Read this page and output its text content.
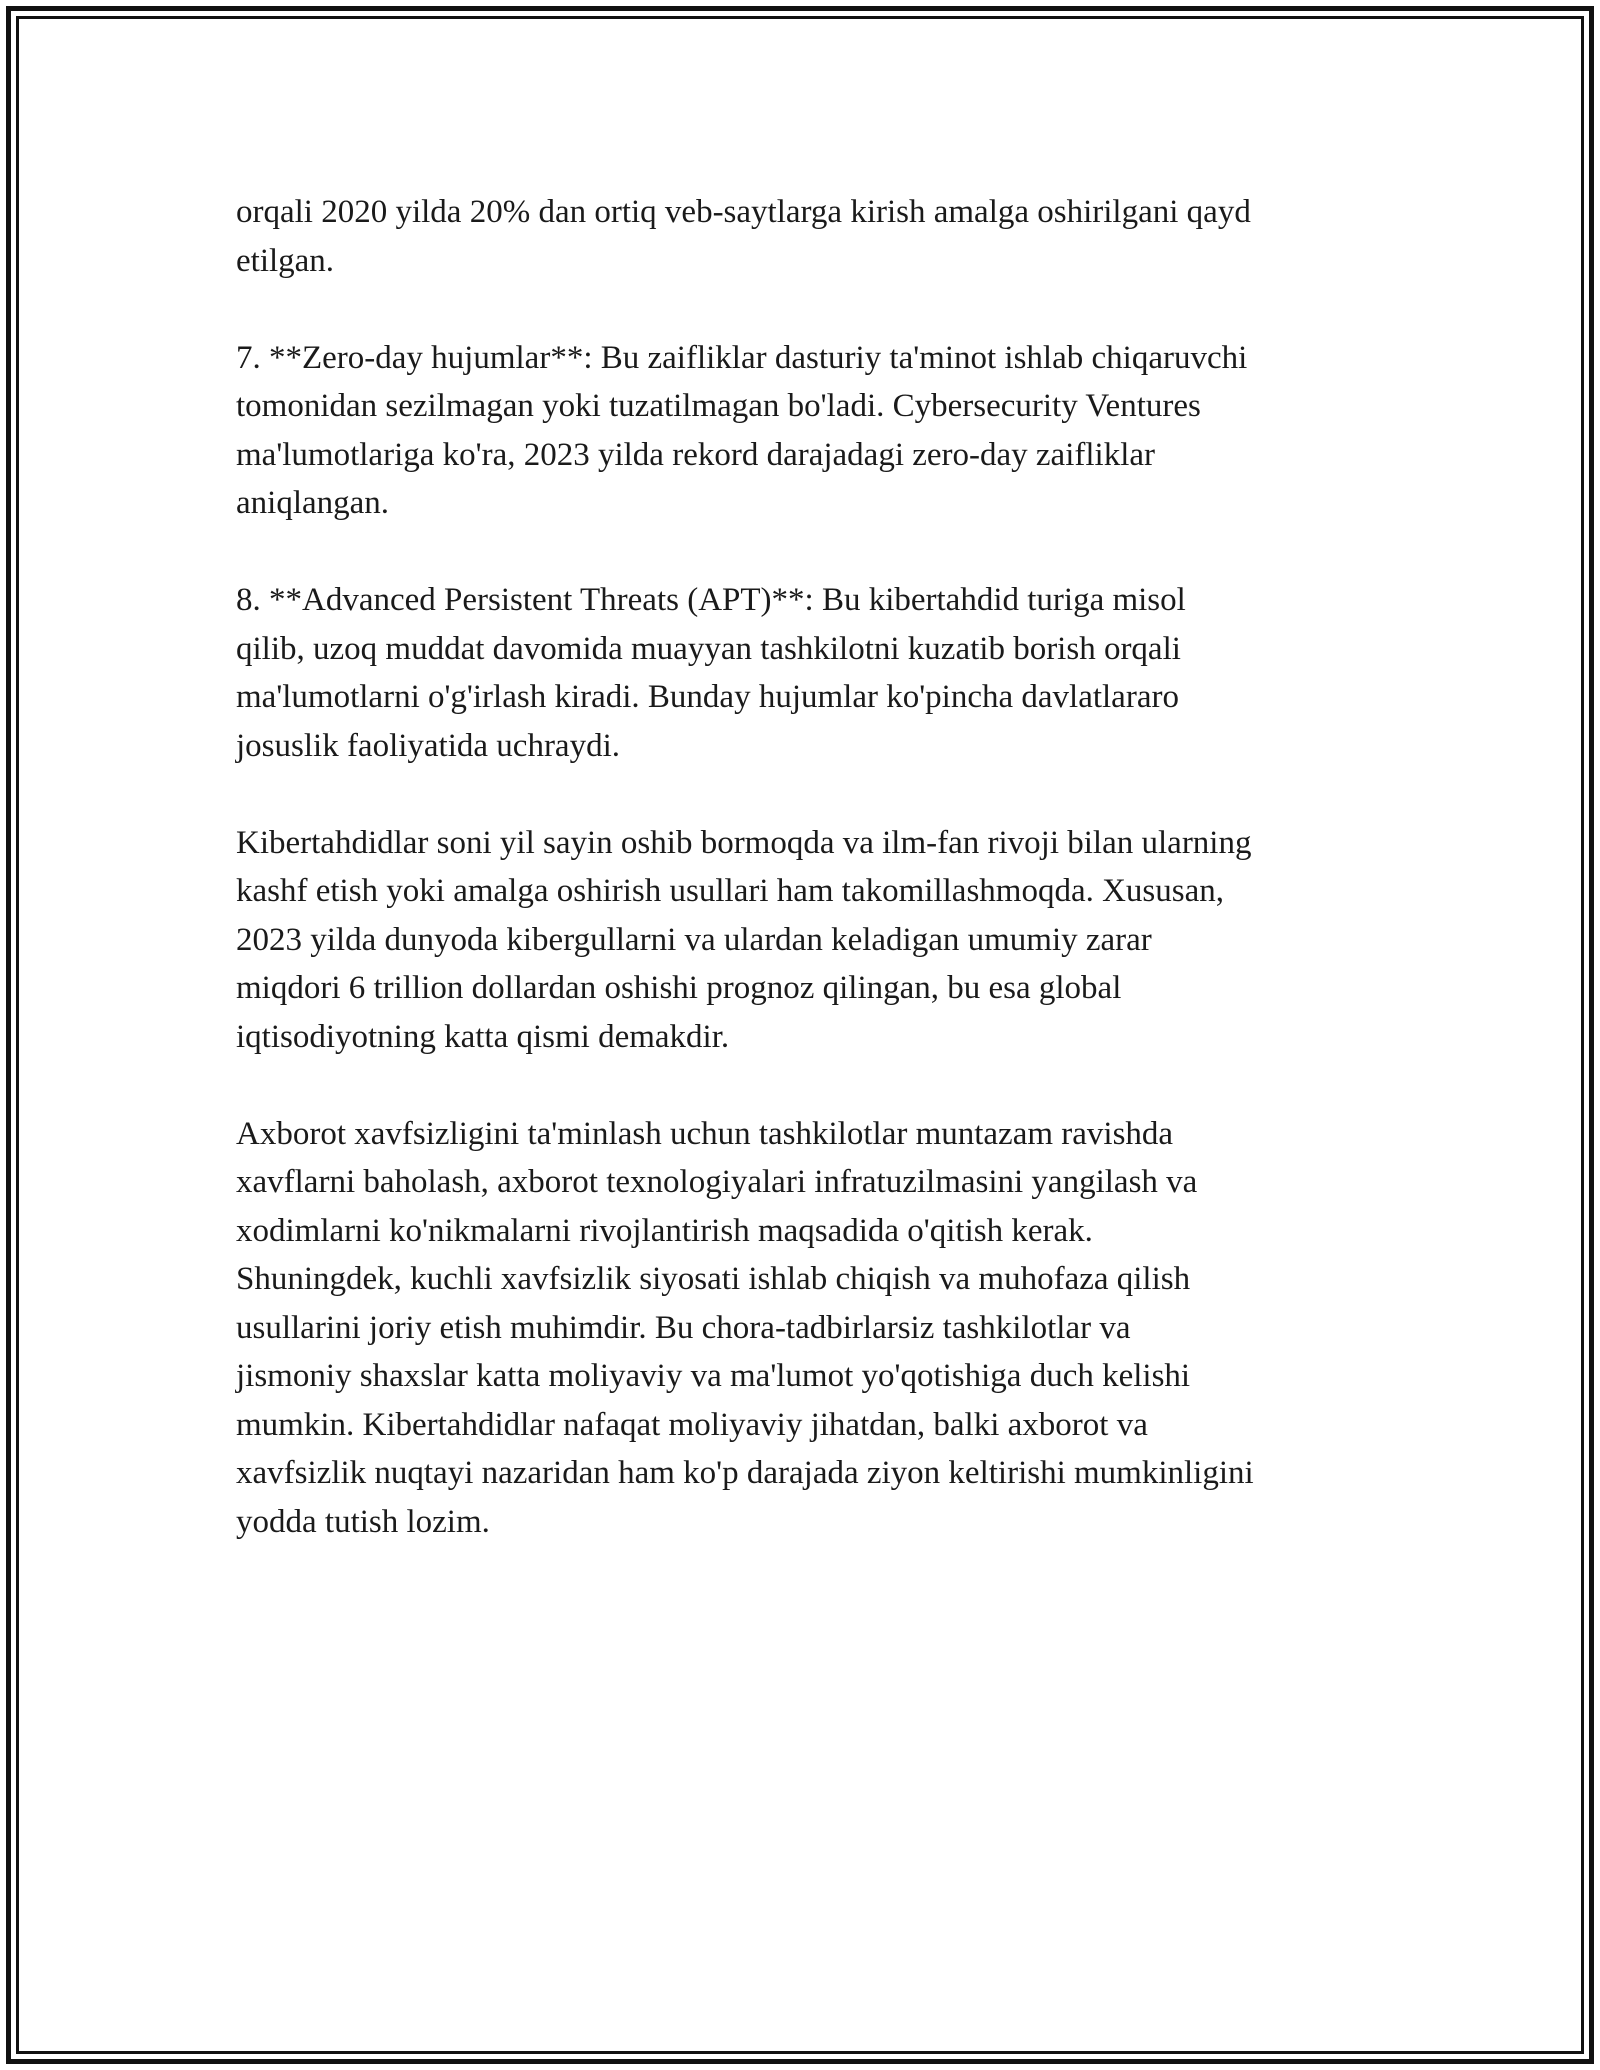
orqali 2020 yilda 20% dan ortiq veb-saytlarga kirish amalga oshirilgani qayd
etilgan.

7. **Zero-day hujumlar**: Bu zaifliklar dasturiy ta'minot ishlab chiqaruvchi
tomonidan sezilmagan yoki tuzatilmagan bo'ladi. Cybersecurity Ventures
ma'lumotlariga ko'ra, 2023 yilda rekord darajadagi zero-day zaifliklar
aniqlangan.

8. **Advanced Persistent Threats (APT)**: Bu kibertahdid turiga misol
qilib, uzoq muddat davomida muayyan tashkilotni kuzatib borish orqali
ma'lumotlarni o'g'irlash kiradi. Bunday hujumlar ko'pincha davlatlararo
josuslik faoliyatida uchraydi.

Kibertahdidlar soni yil sayin oshib bormoqda va ilm-fan rivoji bilan ularning
kashf etish yoki amalga oshirish usullari ham takomillashmoqda. Xususan,
2023 yilda dunyoda kibergullarni va ulardan keladigan umumiy zarar
miqdori 6 trillion dollardan oshishi prognoz qilingan, bu esa global
iqtisodiyotning katta qismi demakdir.

Axborot xavfsizligini ta'minlash uchun tashkilotlar muntazam ravishda
xavflarni baholash, axborot texnologiyalari infratuzilmasini yangilash va
xodimlarni ko'nikmalarni rivojlantirish maqsadida o'qitish kerak.
Shuningdek, kuchli xavfsizlik siyosati ishlab chiqish va muhofaza qilish
usullarini joriy etish muhimdir. Bu chora-tadbirlarsiz tashkilotlar va
jismoniy shaxslar katta moliyaviy va ma'lumot yo'qotishiga duch kelishi
mumkin. Kibertahdidlar nafaqat moliyaviy jihatdan, balki axborot va
xavfsizlik nuqtayi nazaridan ham ko'p darajada ziyon keltirishi mumkinligini
yodda tutish lozim.
